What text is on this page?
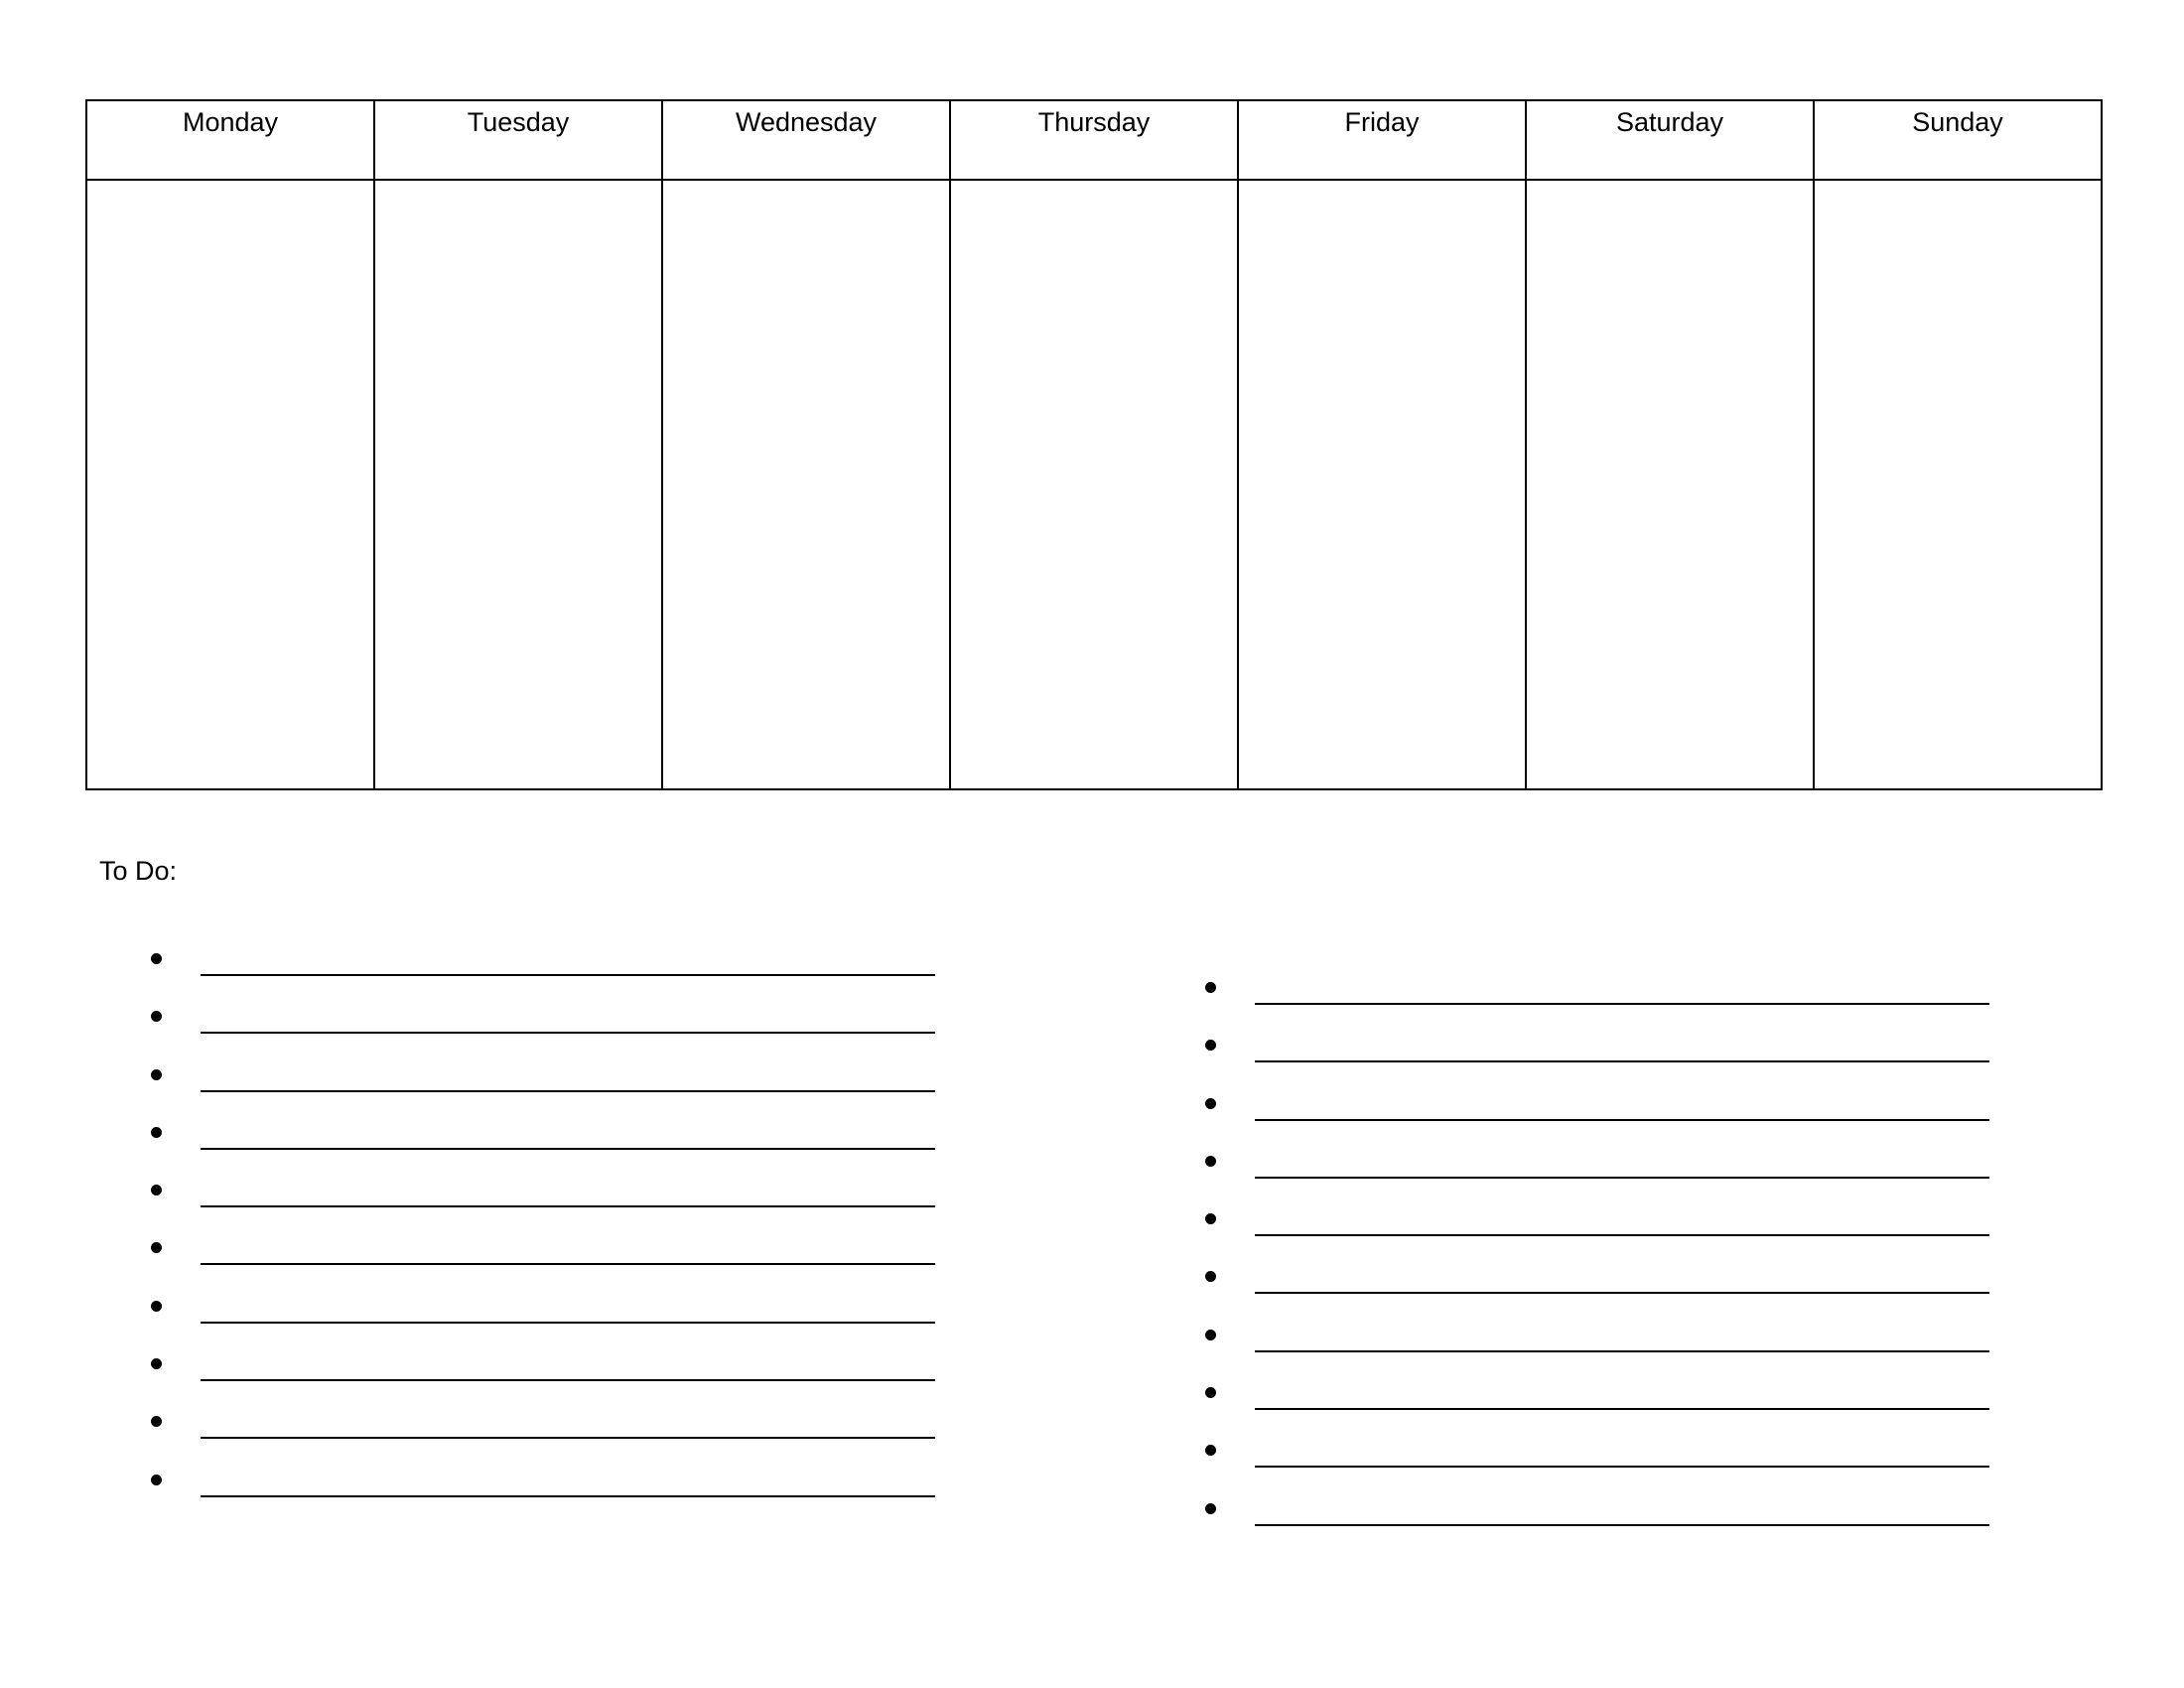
Monday	Tuesday	Wednesday	Thursday	Friday	Saturday	Sunday

To Do:
